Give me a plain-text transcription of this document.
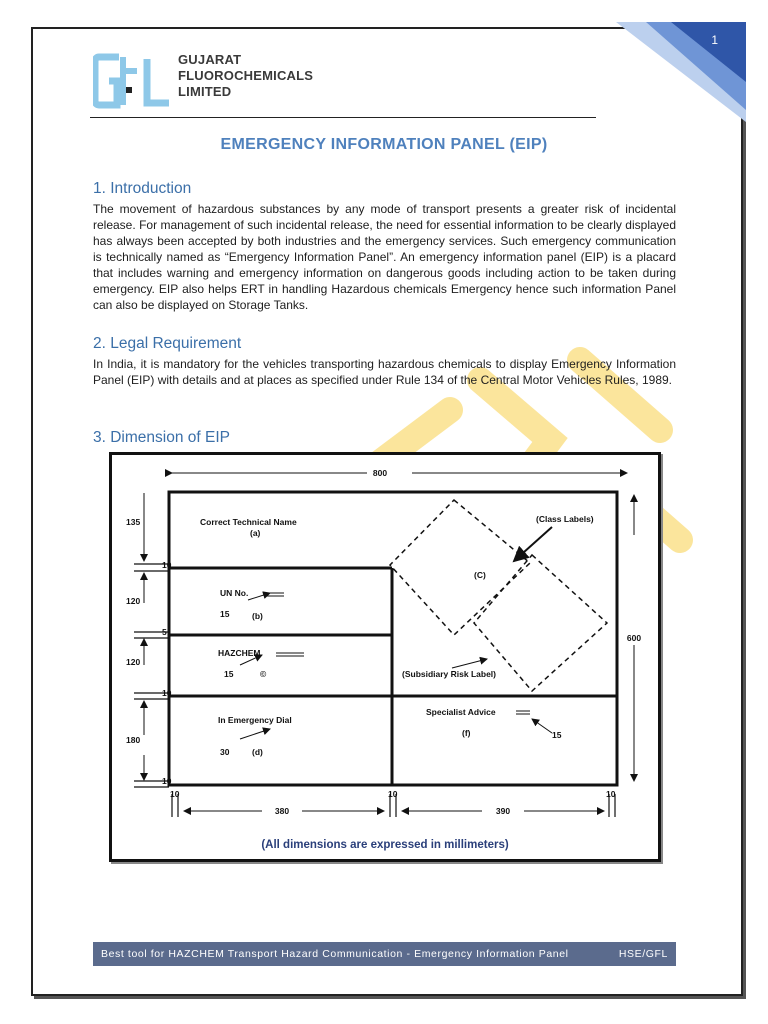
1
GUJARAT
FLUOROCHEMICALS
LIMITED
EMERGENCY INFORMATION PANEL (EIP)
1. Introduction
The movement of hazardous substances by any mode of transport presents a greater risk of incidental release. For management of such incidental release, the need for essential information to be clearly displayed has always been accepted by both industries and the emergency services. Such emergency communication is technically named as “Emergency Information Panel”. An emergency information panel (EIP) is a placard that includes warning and emergency information on dangerous goods including action to be taken during emergency. EIP also helps ERT in handling Hazardous chemicals Emergency hence such information Panel can also be displayed on Storage Tanks.
2. Legal Requirement
In India, it is mandatory for the vehicles transporting hazardous chemicals to display Emergency Information Panel (EIP) with details and at places as specified under Rule 134 of the Central Motor Vehicles Rules, 1989.
3. Dimension of EIP
800
600
135
120
120
180
10
5
10
10
10	10	10
380	390
Correct Technical Name
(a)
UN No.
15	(b)
HAZCHEM
15	©
In Emergency Dial
30	(d)
(Class Labels)
(C)
(Subsidiary Risk Label)
Specialist Advice
(f)	15
(All dimensions are expressed in millimeters)
Best tool for HAZCHEM Transport Hazard Communication - Emergency Information Panel	HSE/GFL
